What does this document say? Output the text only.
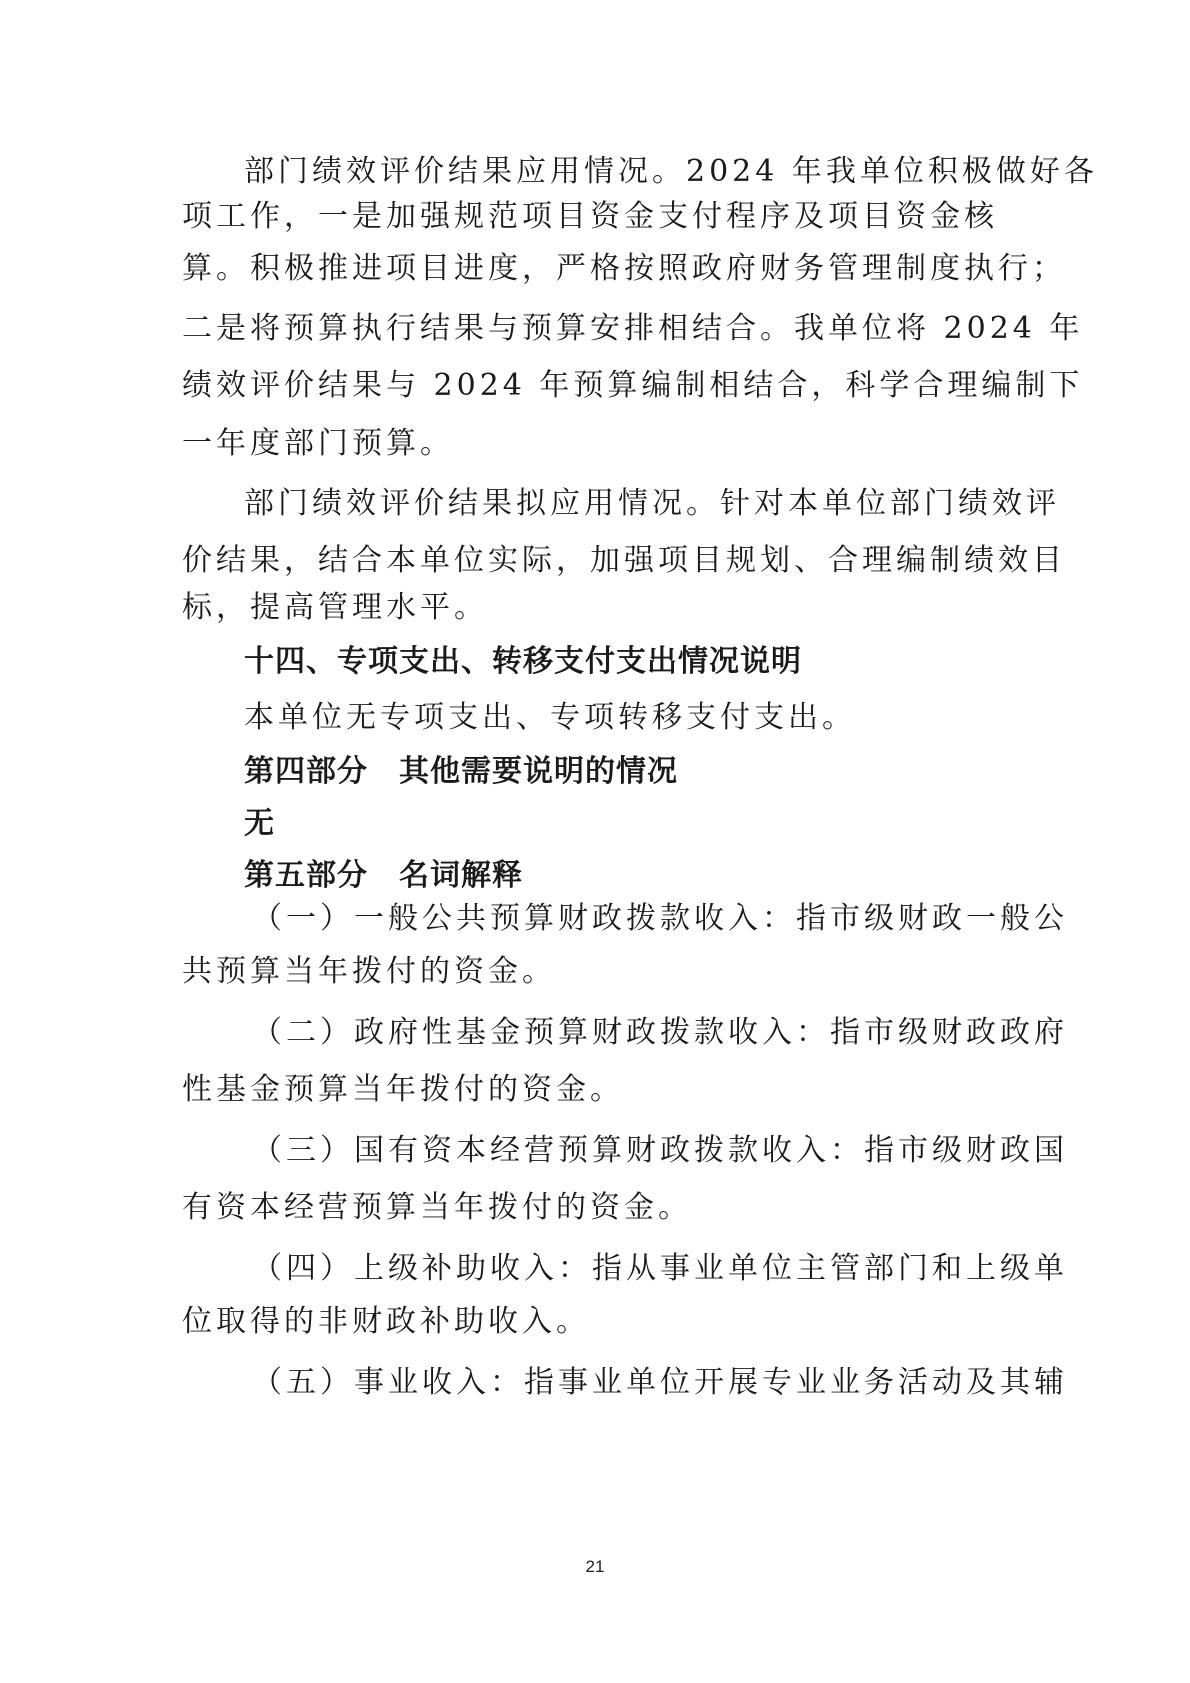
部门绩效评价结果应用情况。2024 年我单位积极做好各
项工作，一是加强规范项目资金支付程序及项目资金核
算。积极推进项目进度，严格按照政府财务管理制度执行；
二是将预算执行结果与预算安排相结合。我单位将 2024 年
绩效评价结果与 2024 年预算编制相结合，科学合理编制下
一年度部门预算。
部门绩效评价结果拟应用情况。针对本单位部门绩效评
价结果，结合本单位实际，加强项目规划、合理编制绩效目
标，提高管理水平。
十四、专项支出、转移支付支出情况说明
本单位无专项支出、专项转移支付支出。
第四部分　其他需要说明的情况
无
第五部分　名词解释
（一）一般公共预算财政拨款收入：指市级财政一般公
共预算当年拨付的资金。
（二）政府性基金预算财政拨款收入：指市级财政政府
性基金预算当年拨付的资金。
（三）国有资本经营预算财政拨款收入：指市级财政国
有资本经营预算当年拨付的资金。
（四）上级补助收入：指从事业单位主管部门和上级单
位取得的非财政补助收入。
（五）事业收入：指事业单位开展专业业务活动及其辅
21
